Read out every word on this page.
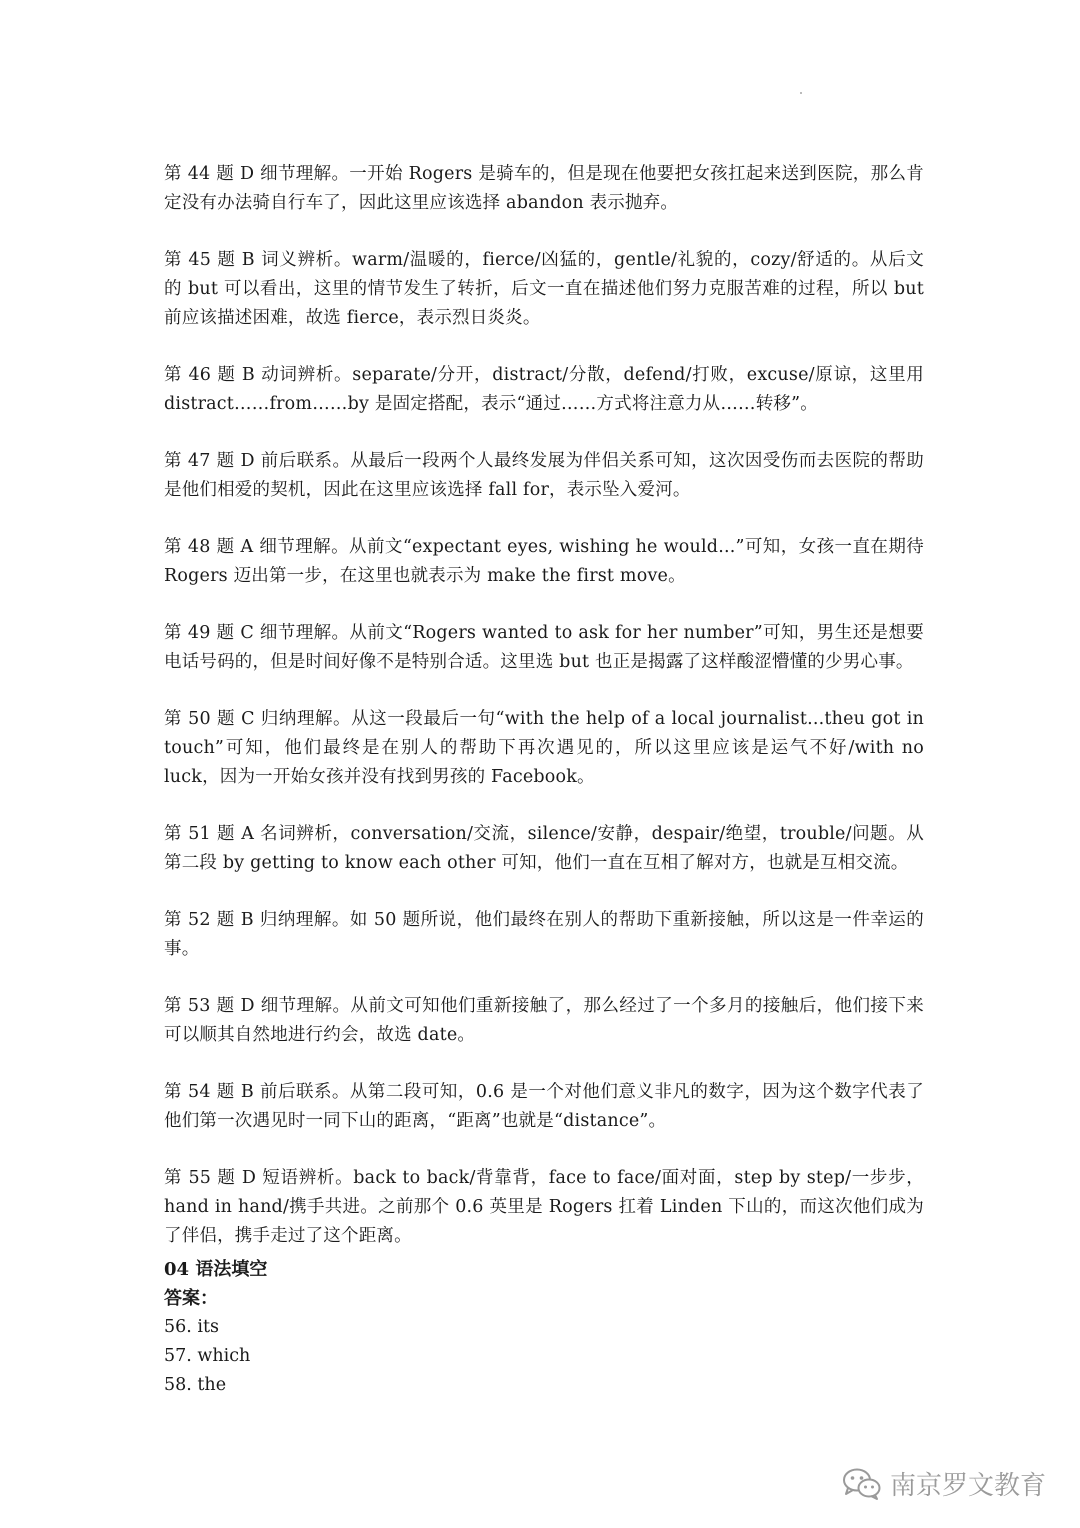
第 44 题 D 细节理解。一开始 Rogers 是骑车的，但是现在他要把女孩扛起来送到医院，那么肯定没有办法骑自行车了，因此这里应该选择 abandon 表示抛弃。

第 45 题 B 词义辨析。warm/温暖的，fierce/凶猛的，gentle/礼貌的，cozy/舒适的。从后文的 but 可以看出，这里的情节发生了转折，后文一直在描述他们努力克服苦难的过程，所以 but 前应该描述困难，故选 fierce，表示烈日炎炎。

第 46 题 B 动词辨析。separate/分开，distract/分散，defend/打败，excuse/原谅，这里用 distract……from……by 是固定搭配，表示“通过……方式将注意力从……转移”。

第 47 题 D 前后联系。从最后一段两个人最终发展为伴侣关系可知，这次因受伤而去医院的帮助是他们相爱的契机，因此在这里应该选择 fall for，表示坠入爱河。

第 48 题 A 细节理解。从前文“expectant eyes, wishing he would...”可知，女孩一直在期待 Rogers 迈出第一步，在这里也就表示为 make the first move。

第 49 题 C 细节理解。从前文“Rogers wanted to ask for her number”可知，男生还是想要电话号码的，但是时间好像不是特别合适。这里选 but 也正是揭露了这样酸涩懵懂的少男心事。

第 50 题 C 归纳理解。从这一段最后一句“with the help of a local journalist...theu got in touch”可知，他们最终是在别人的帮助下再次遇见的，所以这里应该是运气不好/with no luck，因为一开始女孩并没有找到男孩的 Facebook。

第 51 题 A 名词辨析，conversation/交流，silence/安静，despair/绝望，trouble/问题。从第二段 by getting to know each other 可知，他们一直在互相了解对方，也就是互相交流。

第 52 题 B 归纳理解。如 50 题所说，他们最终在别人的帮助下重新接触，所以这是一件幸运的事。

第 53 题 D 细节理解。从前文可知他们重新接触了，那么经过了一个多月的接触后，他们接下来可以顺其自然地进行约会，故选 date。

第 54 题 B 前后联系。从第二段可知，0.6 是一个对他们意义非凡的数字，因为这个数字代表了他们第一次遇见时一同下山的距离，“距离”也就是“distance”。

第 55 题 D 短语辨析。back to back/背靠背，face to face/面对面，step by step/一步步，hand in hand/携手共进。之前那个 0.6 英里是 Rogers 扛着 Linden 下山的，而这次他们成为了伴侣，携手走过了这个距离。

04 语法填空
答案：
56. its
57. which
58. the
南京罗文教育
